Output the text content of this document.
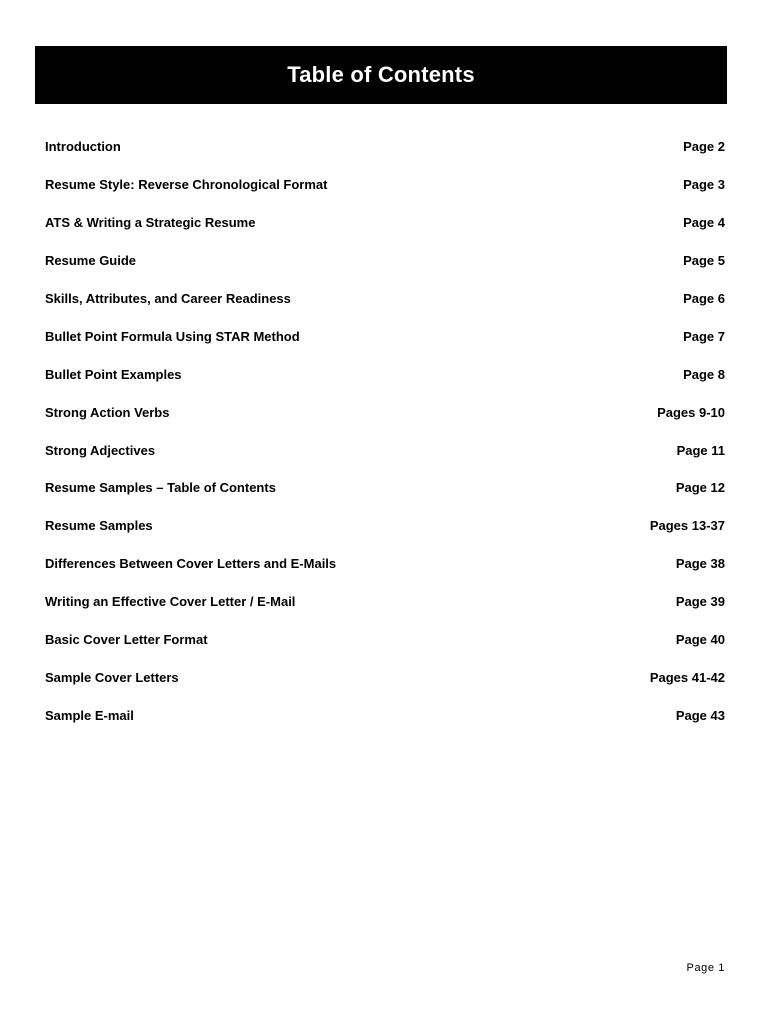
Table of Contents
Introduction	Page 2
Resume Style: Reverse Chronological Format	Page 3
ATS & Writing a Strategic Resume	Page 4
Resume Guide	Page 5
Skills, Attributes, and Career Readiness	Page 6
Bullet Point Formula Using STAR Method	Page 7
Bullet Point Examples	Page 8
Strong Action Verbs	Pages 9-10
Strong Adjectives	Page 11
Resume Samples – Table of Contents	Page 12
Resume Samples	Pages 13-37
Differences Between Cover Letters and E-Mails	Page 38
Writing an Effective Cover Letter / E-Mail	Page 39
Basic Cover Letter Format	Page 40
Sample Cover Letters	Pages 41-42
Sample E-mail	Page 43
Page 1
